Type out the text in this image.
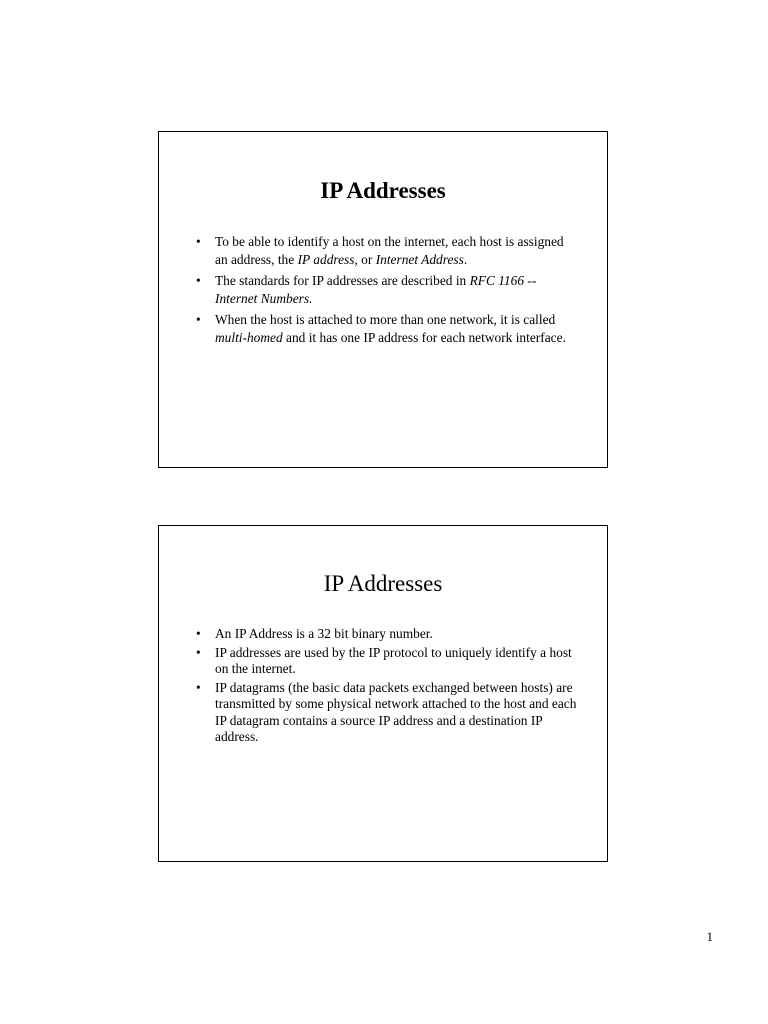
IP Addresses
• To be able to identify a host on the internet, each host is assigned an address, the IP address, or Internet Address.
• The standards for IP addresses are described in RFC 1166 -- Internet Numbers.
• When the host is attached to more than one network, it is called multi-homed and it has one IP address for each network interface.
IP Addresses
• An IP Address is a 32 bit binary number.
• IP addresses are used by the IP protocol to uniquely identify a host on the internet.
• IP datagrams (the basic data packets exchanged between hosts) are transmitted by some physical network attached to the host and each IP datagram contains a source IP address and a destination IP address.
1
